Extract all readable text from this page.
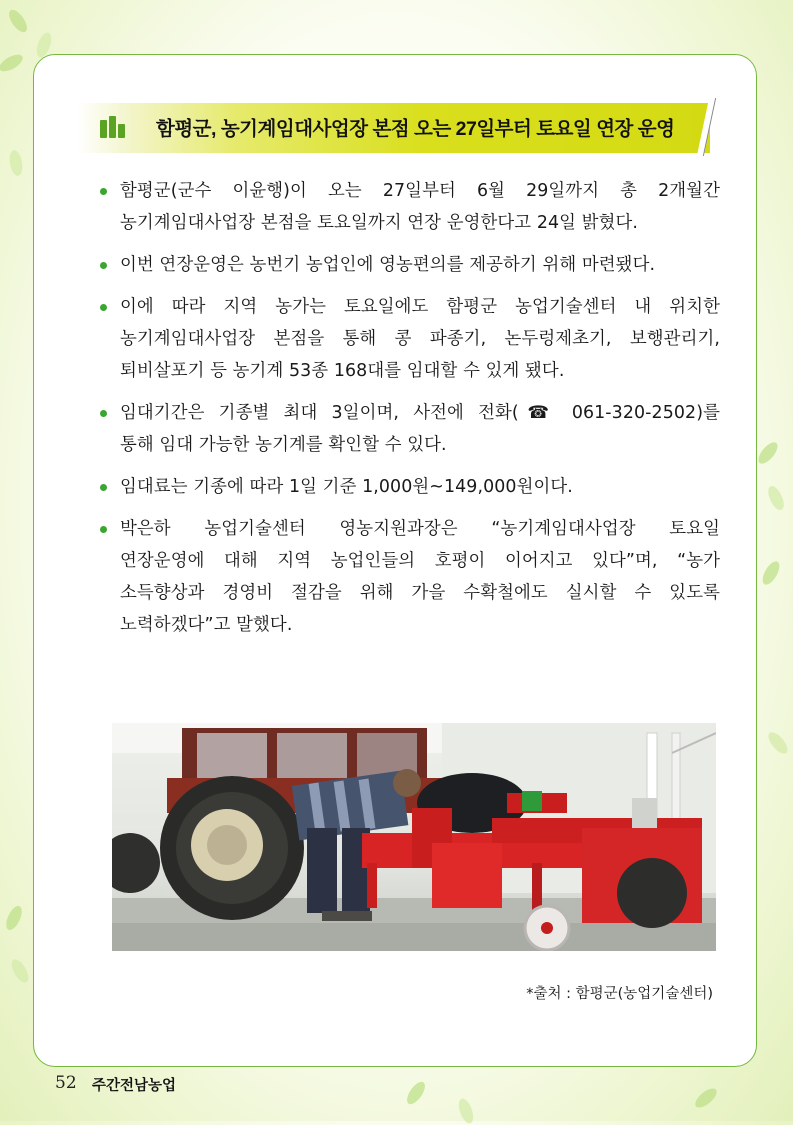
함평군, 농기계임대사업장 본점 오는 27일부터 토요일 연장 운영
함평군(군수 이윤행)이 오는 27일부터 6월 29일까지 총 2개월간
농기계임대사업장 본점을 토요일까지 연장 운영한다고 24일 밝혔다.
이번 연장운영은 농번기 농업인에 영농편의를 제공하기 위해 마련됐다.
이에 따라 지역 농가는 토요일에도 함평군 농업기술센터 내 위치한
농기계임대사업장 본점을 통해 콩 파종기, 논두렁제초기, 보행관리기,
퇴비살포기 등 농기계 53종 168대를 임대할 수 있게 됐다.
임대기간은 기종별 최대 3일이며, 사전에 전화(☎ 061-320-2502)를
통해 임대 가능한 농기계를 확인할 수 있다.
임대료는 기종에 따라 1일 기준 1,000원~149,000원이다.
박은하 농업기술센터 영농지원과장은 “농기계임대사업장 토요일
연장운영에 대해 지역 농업인들의 호평이 이어지고 있다”며, “농가
소득향상과 경영비 절감을 위해 가을 수확철에도 실시할 수 있도록
노력하겠다”고 말했다.
*출처 : 함평군(농업기술센터)
52 주간전남농업
